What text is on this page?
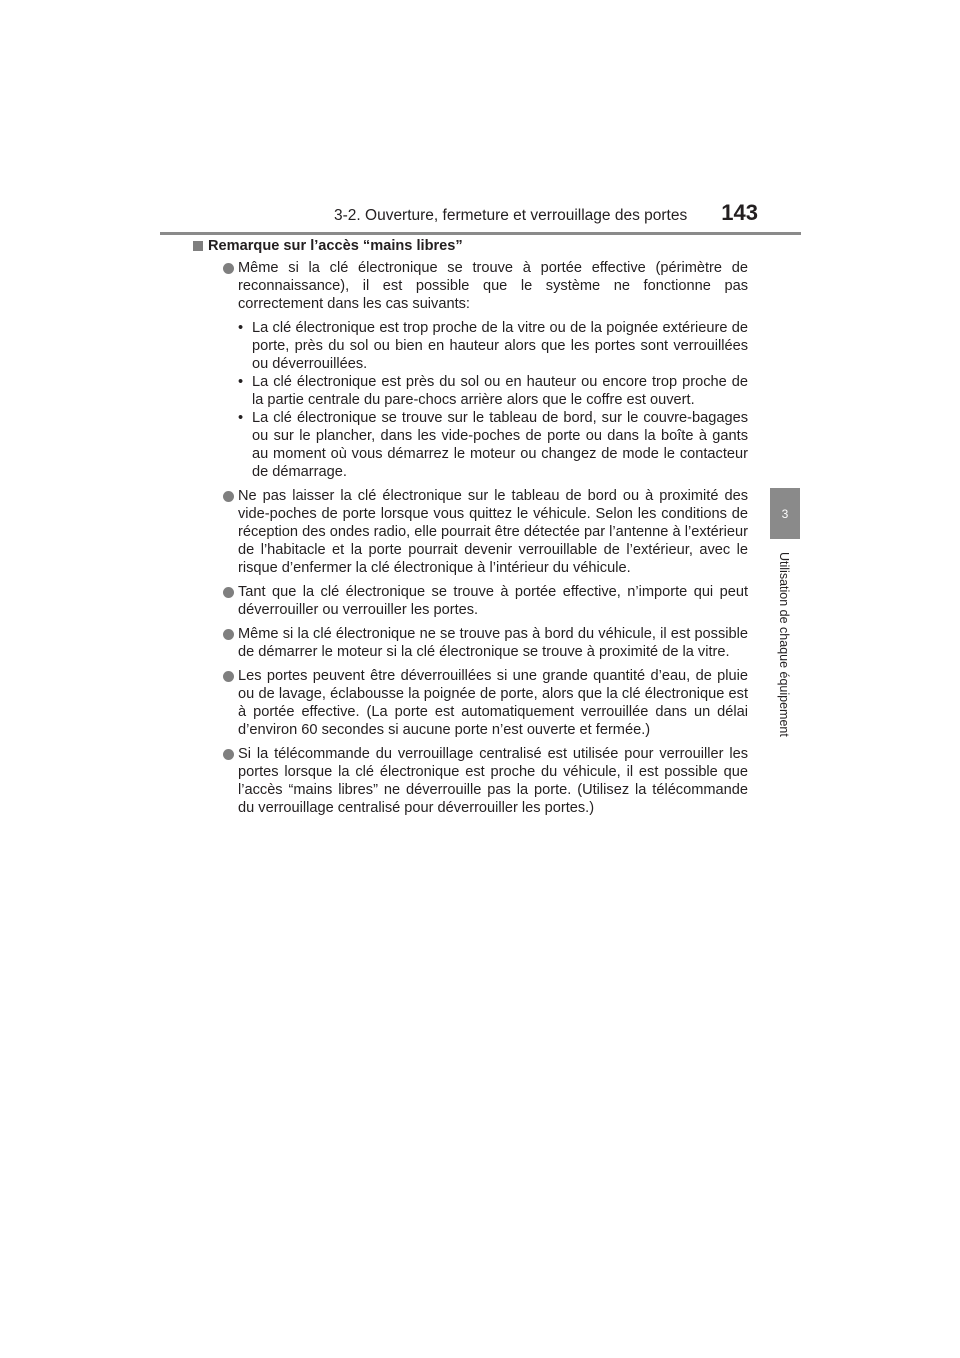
3-2. Ouverture, fermeture et verrouillage des portes	143
3
Utilisation de chaque équipement
Remarque sur l’accès “mains libres”
Même si la clé électronique se trouve à portée effective (périmètre de reconnaissance), il est possible que le système ne fonctionne pas correctement dans les cas suivants:
• La clé électronique est trop proche de la vitre ou de la poignée extérieure de porte, près du sol ou bien en hauteur alors que les portes sont verrouillées ou déverrouillées.
• La clé électronique est près du sol ou en hauteur ou encore trop proche de la partie centrale du pare-chocs arrière alors que le coffre est ouvert.
• La clé électronique se trouve sur le tableau de bord, sur le couvre-bagages ou sur le plancher, dans les vide-poches de porte ou dans la boîte à gants au moment où vous démarrez le moteur ou changez de mode le contacteur de démarrage.
Ne pas laisser la clé électronique sur le tableau de bord ou à proximité des vide-poches de porte lorsque vous quittez le véhicule. Selon les conditions de réception des ondes radio, elle pourrait être détectée par l’antenne à l’extérieur de l’habitacle et la porte pourrait devenir verrouillable de l’extérieur, avec le risque d’enfermer la clé électronique à l’intérieur du véhicule.
Tant que la clé électronique se trouve à portée effective, n’importe qui peut déverrouiller ou verrouiller les portes.
Même si la clé électronique ne se trouve pas à bord du véhicule, il est possible de démarrer le moteur si la clé électronique se trouve à proximité de la vitre.
Les portes peuvent être déverrouillées si une grande quantité d’eau, de pluie ou de lavage, éclabousse la poignée de porte, alors que la clé électronique est à portée effective. (La porte est automatiquement verrouillée dans un délai d’environ 60 secondes si aucune porte n’est ouverte et fermée.)
Si la télécommande du verrouillage centralisé est utilisée pour verrouiller les portes lorsque la clé électronique est proche du véhicule, il est possible que l’accès “mains libres” ne déverrouille pas la porte. (Utilisez la télécommande du verrouillage centralisé pour déverrouiller les portes.)
